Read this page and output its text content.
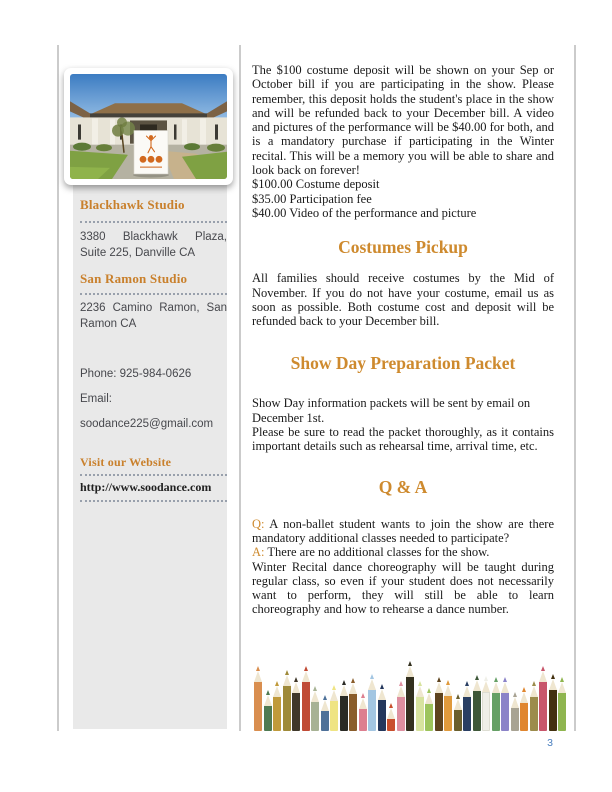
Blackhawk Studio
3380 Blackhawk Plaza, Suite 225, Danville CA
San Ramon Studio
2236 Camino Ramon, San Ramon CA
Phone: 925-984-0626
Email:
soodance225@gmail.com
Visit our Website
http://www.soodance.com

The $100 costume deposit will be shown on your Sep or October bill if you are participating in the show. Please remember, this deposit holds the student's place in the show and will be refunded back to your December bill. A video and pictures of the performance will be $40.00 for both, and is a mandatory purchase if participating in the Winter recital. This will be a memory you will be able to share and look back on forever!

$100.00 Costume deposit
$35.00 Participation fee
$40.00 Video of the performance and picture
Costumes Pickup

All families should receive costumes by the Mid of November. If you do not have your costume, email us as soon as possible. Both costume cost and deposit will be refunded back to your December bill.

Show Day Preparation Packet

Show Day information packets will be sent by email on December 1st.

Please be sure to read the packet thoroughly, as it contains important details such as rehearsal time, arrival time, etc.

Q & A

Q: A non-ballet student wants to join the show are there mandatory additional classes needed to participate?

A: There are no additional classes for the show.
Winter Recital dance choreography will be taught during regular class, so even if your student does not necessarily want to perform, they will still be able to learn choreography and how to rehearse a dance number.

3
